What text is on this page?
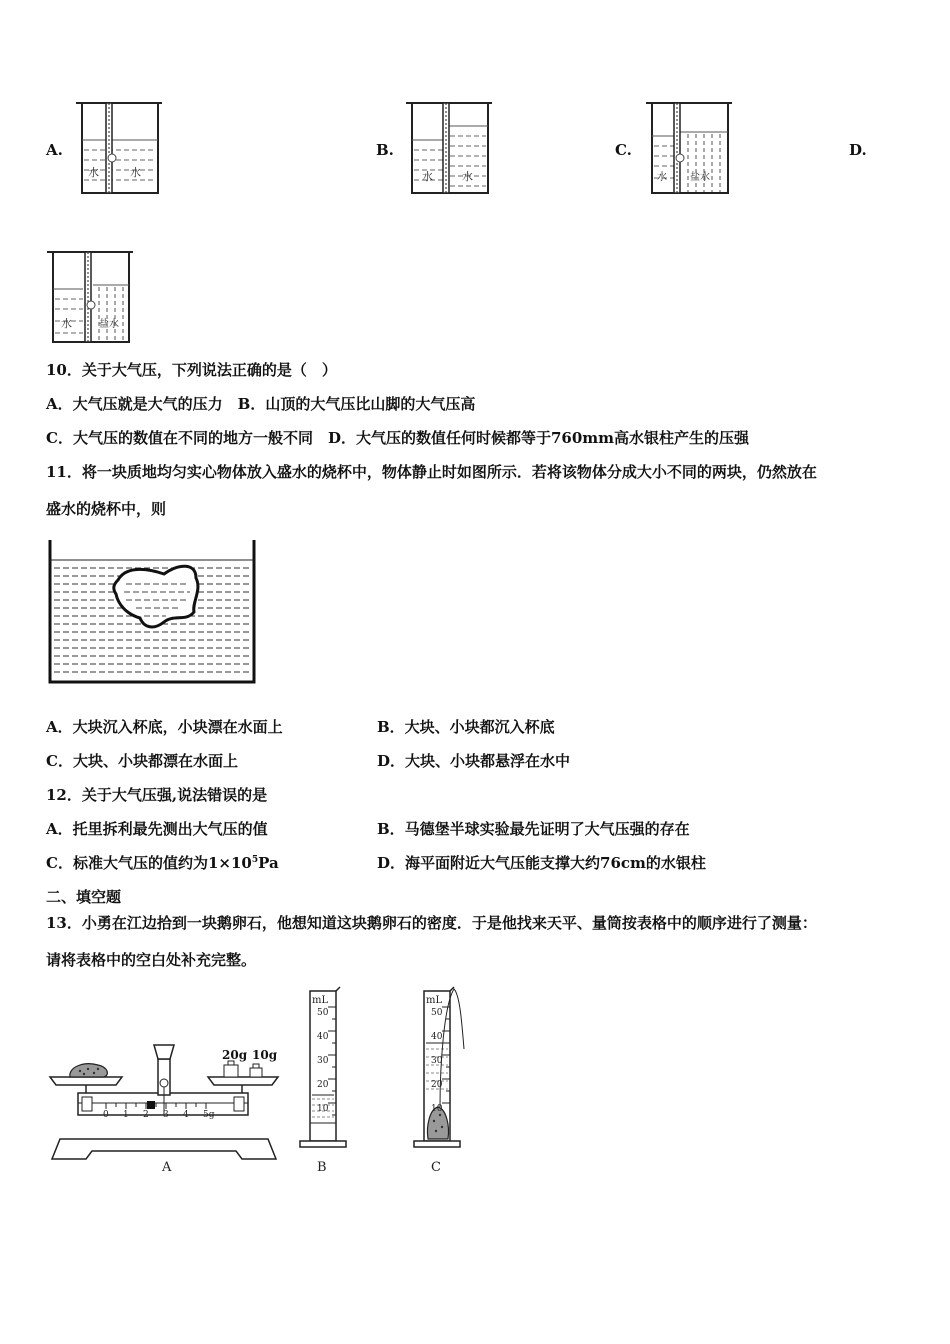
A.
水	水
B.
水	水
C.
水 盐水
D.
水	盐水
10．关于大气压，下列说法正确的是（　）
A．大气压就是大气的压力　B．山顶的大气压比山脚的大气压高
C．大气压的数值在不同的地方一般不同　D．大气压的数值任何时候都等于760mm高水银柱产生的压强
11．将一块质地均匀实心物体放入盛水的烧杯中，物体静止时如图所示．若将该物体分成大小不同的两块，仍然放在
盛水的烧杯中，则
A．大块沉入杯底，小块漂在水面上	B．大块、小块都沉入杯底
C．大块、小块都漂在水面上	D．大块、小块都悬浮在水中
12．关于大气压强,说法错误的是
A．托里拆利最先测出大气压的值	B．马德堡半球实验最先证明了大气压强的存在
C．标准大气压的值约为$1\times 10^5Pa$	D．海平面附近大气压能支撑大约76cm的水银柱
二、填空题
13．小勇在江边拾到一块鹅卵石，他想知道这块鹅卵石的密度．于是他找来天平、量筒按表格中的顺序进行了测量：
请将表格中的空白处补充完整。
0 1 2 3 4 5g
20g 10g
A
mL
50
40
30
20
10
B
mL
50
40
30
20
10
C
